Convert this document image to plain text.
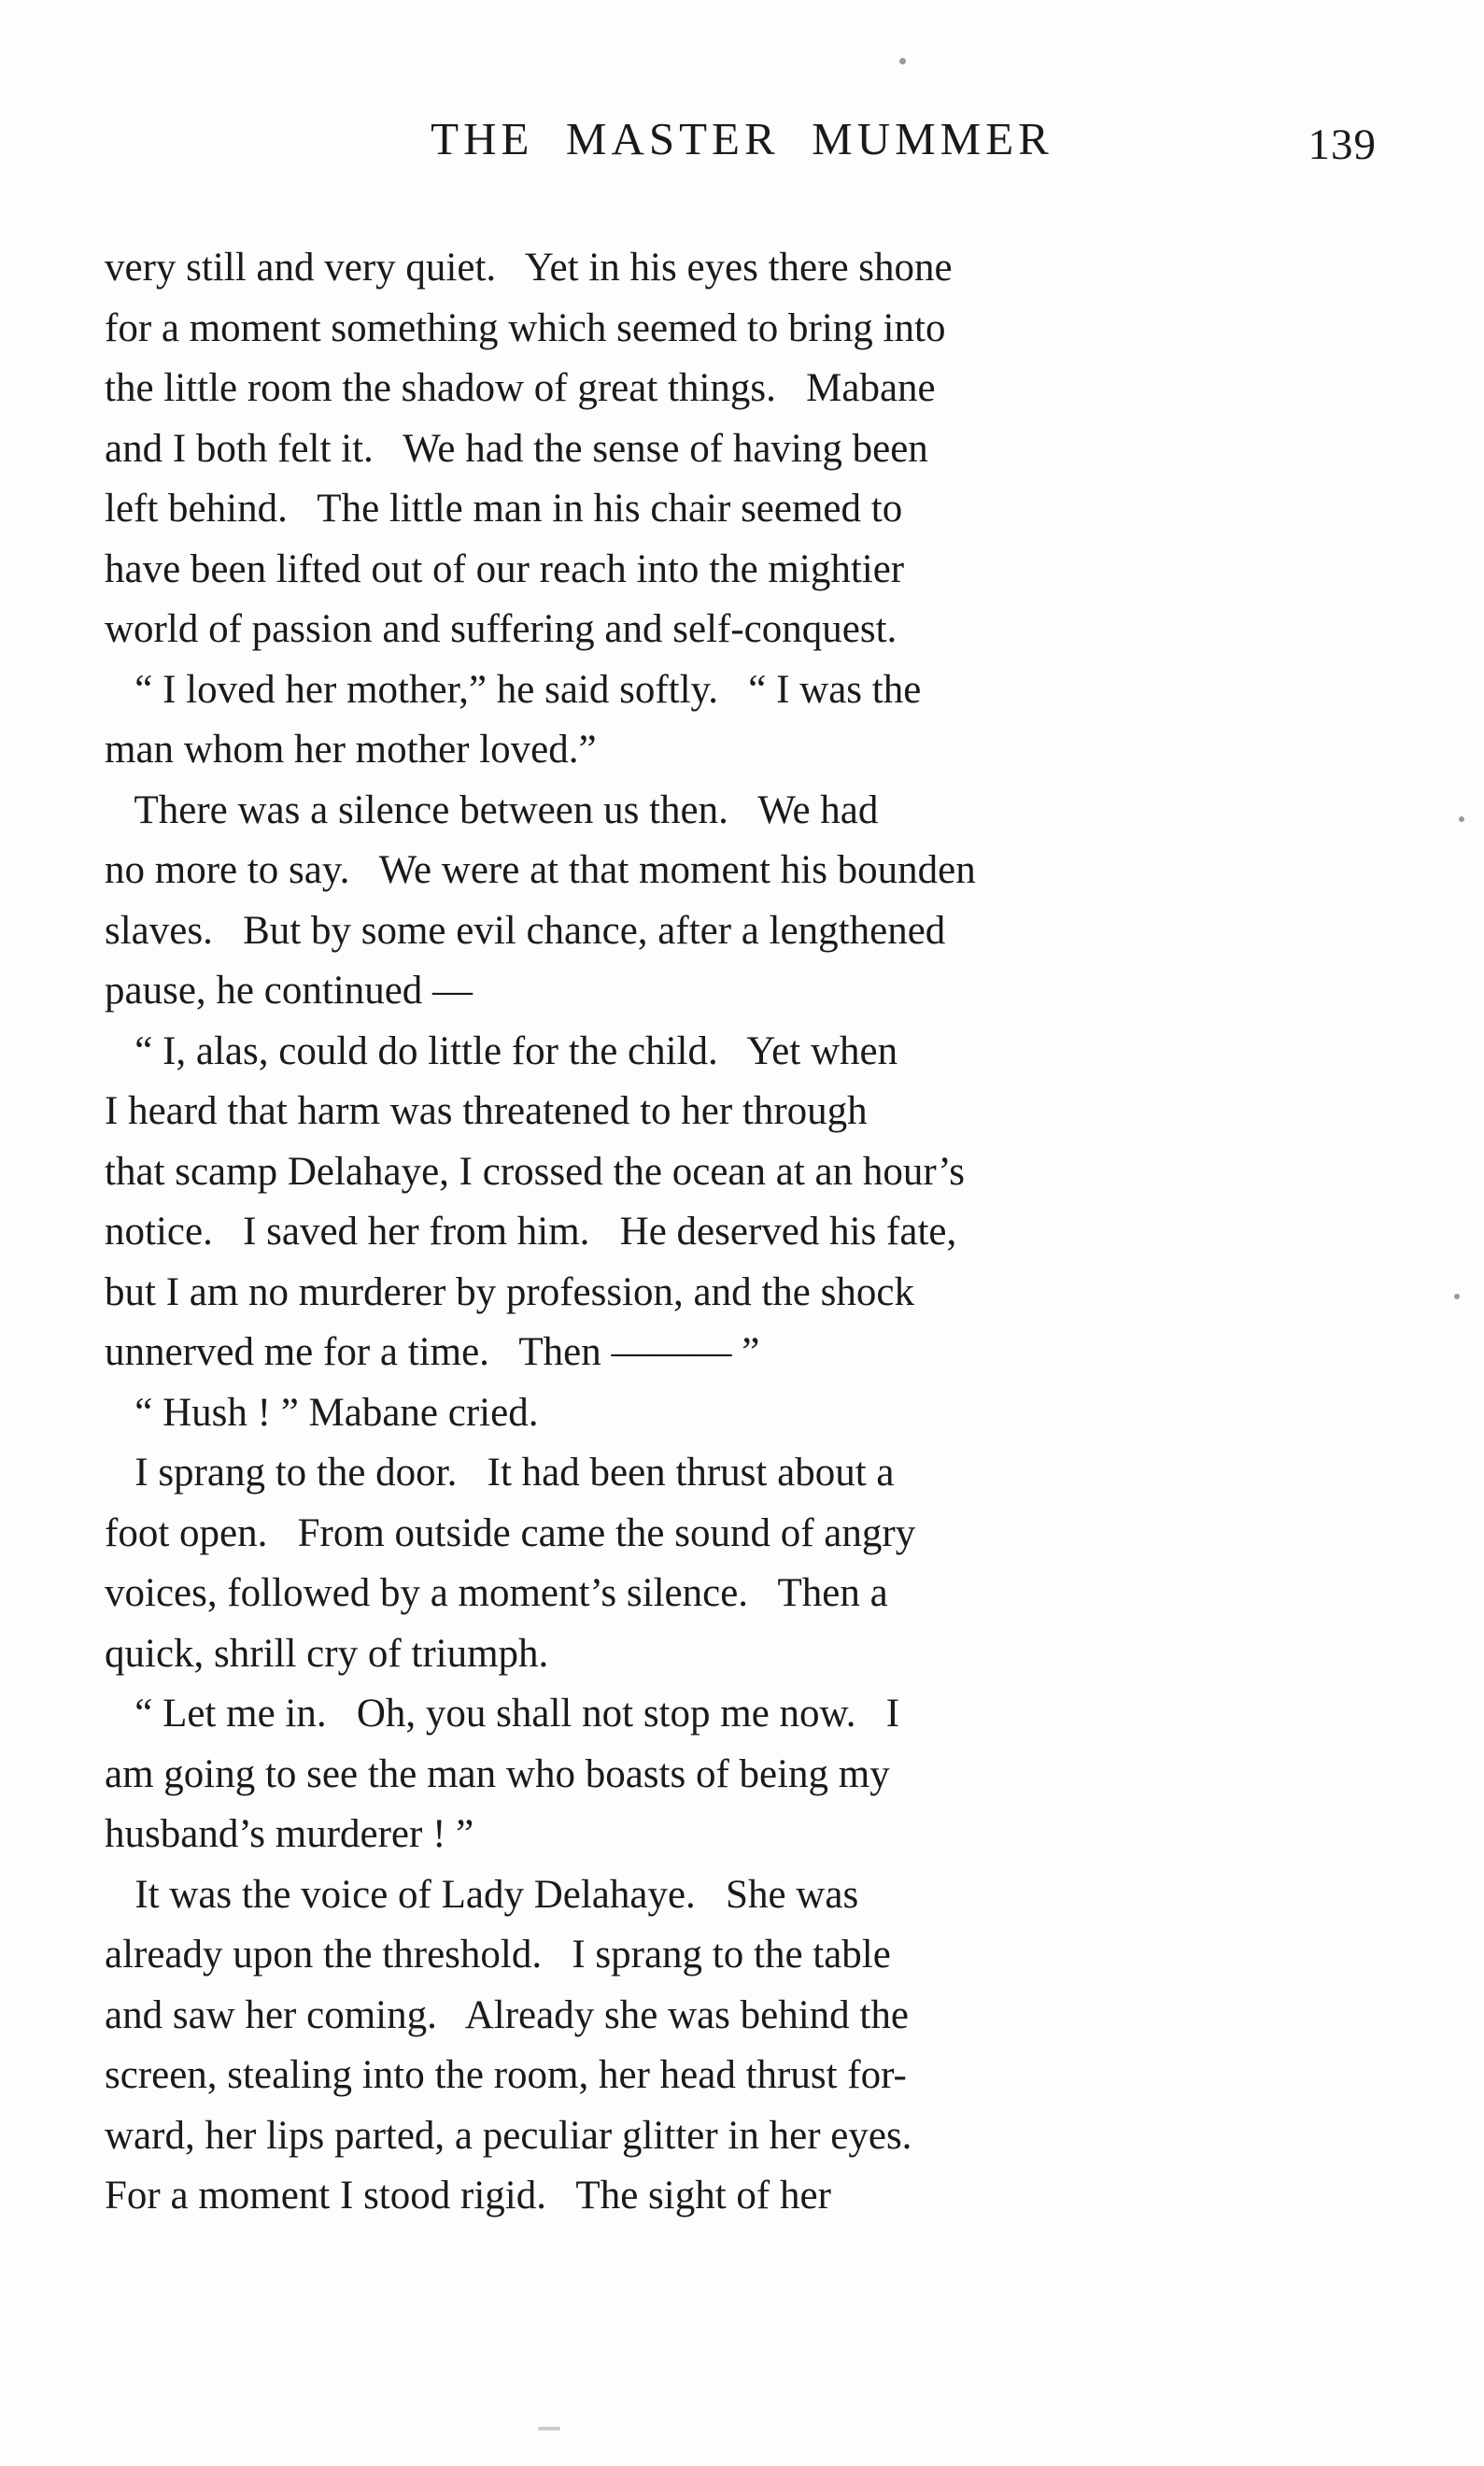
THE  MASTER  MUMMER	139
very still and very quiet.   Yet in his eyes there shone
for a moment something which seemed to bring into
the little room the shadow of great things.   Mabane
and I both felt it.   We had the sense of having been
left behind.   The little man in his chair seemed to
have been lifted out of our reach into the mightier
world of passion and suffering and self-conquest.
“ I loved her mother,” he said softly.   “ I was the
man whom her mother loved.”
There was a silence between us then.   We had
no more to say.   We were at that moment his bounden
slaves.   But by some evil chance, after a lengthened
pause, he continued —
“ I, alas, could do little for the child.   Yet when
I heard that harm was threatened to her through
that scamp Delahaye, I crossed the ocean at an hour’s
notice.   I saved her from him.   He deserved his fate,
but I am no murderer by profession, and the shock
unnerved me for a time.   Then ——— ”
“ Hush ! ” Mabane cried.
I sprang to the door.   It had been thrust about a
foot open.   From outside came the sound of angry
voices, followed by a moment’s silence.   Then a
quick, shrill cry of triumph.
“ Let me in.   Oh, you shall not stop me now.   I
am going to see the man who boasts of being my
husband’s murderer ! ”
It was the voice of Lady Delahaye.   She was
already upon the threshold.   I sprang to the table
and saw her coming.   Already she was behind the
screen, stealing into the room, her head thrust for-
ward, her lips parted, a peculiar glitter in her eyes.
For a moment I stood rigid.   The sight of her
